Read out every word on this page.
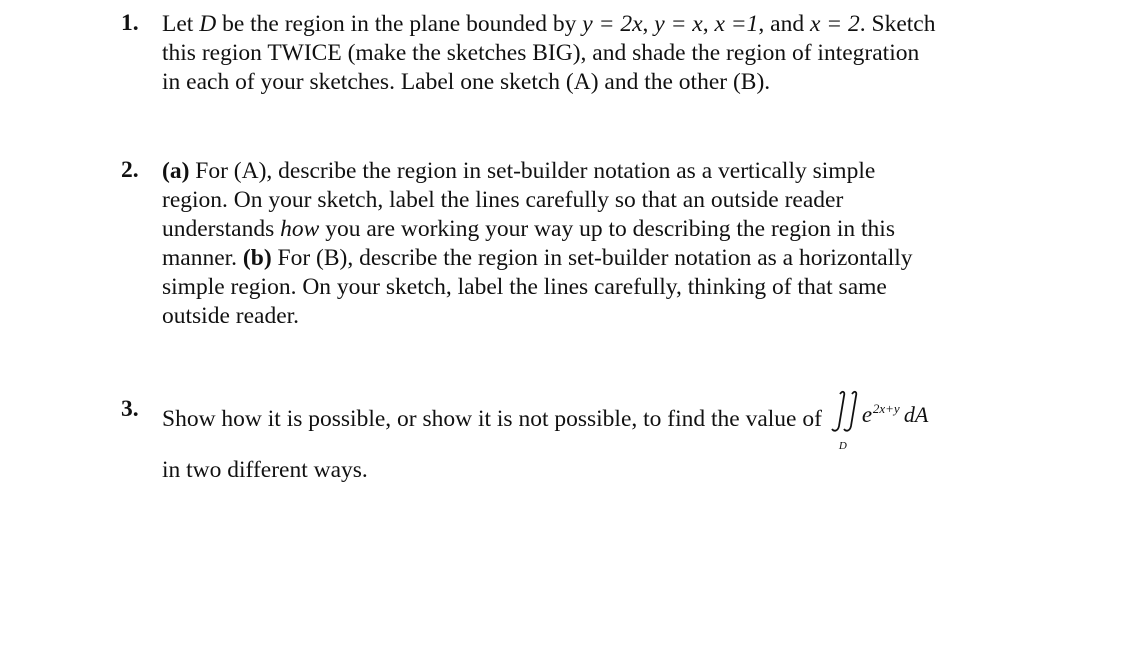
1. Let D be the region in the plane bounded by y = 2x, y = x, x =1, and x = 2. Sketch
this region TWICE (make the sketches BIG), and shade the region of integration
in each of your sketches. Label one sketch (A) and the other (B).
2. (a) For (A), describe the region in set-builder notation as a vertically simple
region. On your sketch, label the lines carefully so that an outside reader
understands how you are working your way up to describing the region in this
manner. (b) For (B), describe the region in set-builder notation as a horizontally
simple region. On your sketch, label the lines carefully, thinking of that same
outside reader.
3. Show how it is possible, or show it is not possible, to find the value of
D
e 2x+y dA
in two different ways.
